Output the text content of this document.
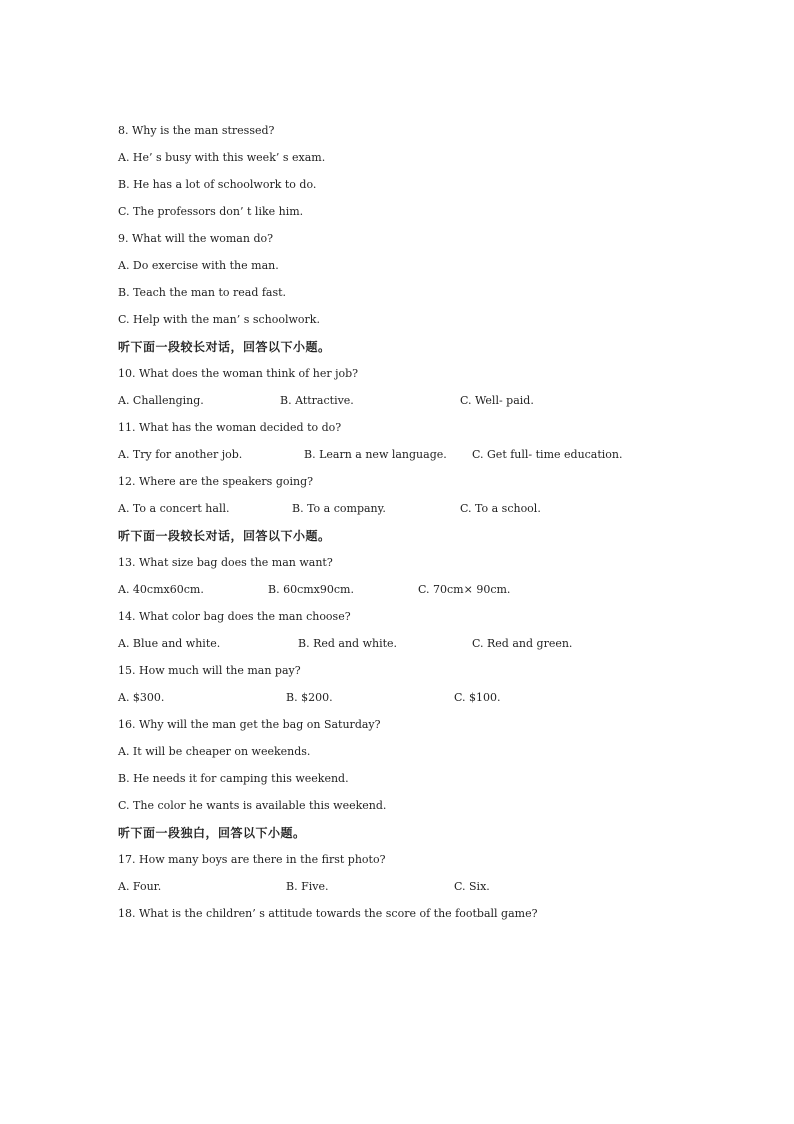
8. Why is the man stressed?
A. He’ s busy with this week’ s exam.
B. He has a lot of schoolwork to do.
C. The professors don’ t like him.
9. What will the woman do?
A. Do exercise with the man.
B. Teach the man to read fast.
C. Help with the man’ s schoolwork.
听下面一段较长对话，回答以下小题。
10. What does the woman think of her job?
A. Challenging.	B. Attractive.	C. Well- paid.
11. What has the woman decided to do?
A. Try for another job.	B. Learn a new language. C. Get full- time education.
12. Where are the speakers going?
A. To a concert hall.	B. To a company.	C. To a school.
听下面一段较长对话，回答以下小题。
13. What size bag does the man want?
A. 40cmx60cm.	B. 60cmx90cm.	C. 70cm× 90cm.
14. What color bag does the man choose?
A. Blue and white.	B. Red and white.	C. Red and green.
15. How much will the man pay?
A. $300.	B. $200.	C. $100.
16. Why will the man get the bag on Saturday?
A. It will be cheaper on weekends.
B. He needs it for camping this weekend.
C. The color he wants is available this weekend.
听下面一段独白，回答以下小题。
17. How many boys are there in the first photo?
A. Four.	B. Five.	C. Six.
18. What is the children’ s attitude towards the score of the football game?
